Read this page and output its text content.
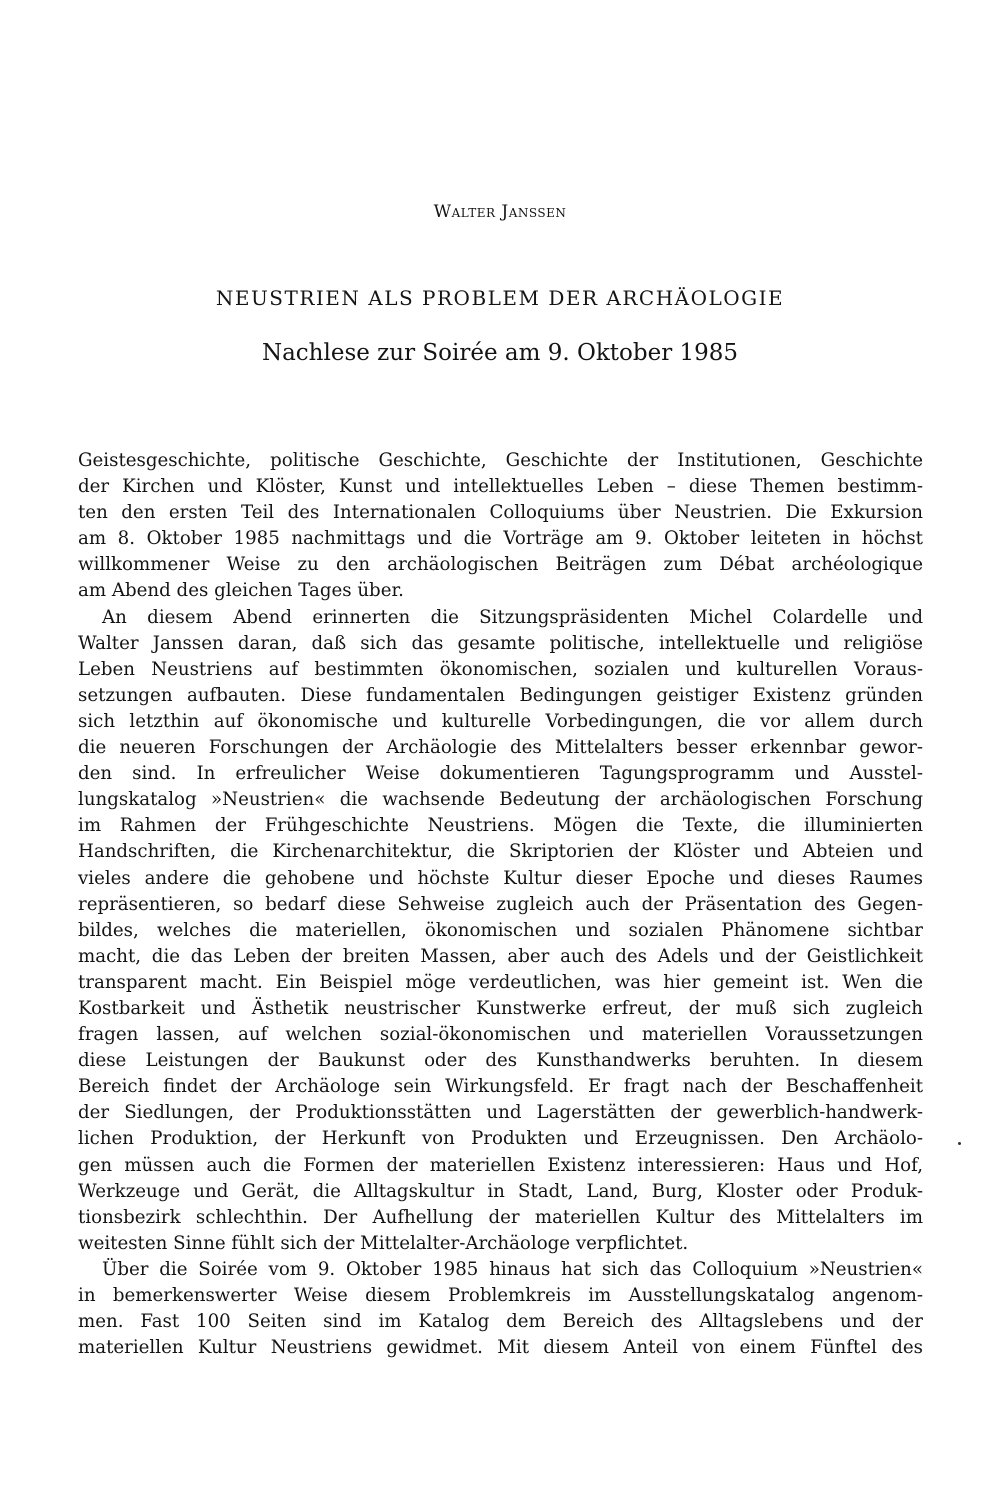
Walter Janssen
NEUSTRIEN ALS PROBLEM DER ARCHÄOLOGIE
Nachlese zur Soirée am 9. Oktober 1985

Geistesgeschichte, politische Geschichte, Geschichte der Institutionen, Geschichte
der Kirchen und Klöster, Kunst und intellektuelles Leben – diese Themen bestimm-
ten den ersten Teil des Internationalen Colloquiums über Neustrien. Die Exkursion
am 8. Oktober 1985 nachmittags und die Vorträge am 9. Oktober leiteten in höchst
willkommener Weise zu den archäologischen Beiträgen zum Débat archéologique
am Abend des gleichen Tages über.

An diesem Abend erinnerten die Sitzungspräsidenten Michel Colardelle und
Walter Janssen daran, daß sich das gesamte politische, intellektuelle und religiöse
Leben Neustriens auf bestimmten ökonomischen, sozialen und kulturellen Voraus-
setzungen aufbauten. Diese fundamentalen Bedingungen geistiger Existenz gründen
sich letzthin auf ökonomische und kulturelle Vorbedingungen, die vor allem durch
die neueren Forschungen der Archäologie des Mittelalters besser erkennbar gewor-
den sind. In erfreulicher Weise dokumentieren Tagungsprogramm und Ausstel-
lungskatalog »Neustrien« die wachsende Bedeutung der archäologischen Forschung
im Rahmen der Frühgeschichte Neustriens. Mögen die Texte, die illuminierten
Handschriften, die Kirchenarchitektur, die Skriptorien der Klöster und Abteien und
vieles andere die gehobene und höchste Kultur dieser Epoche und dieses Raumes
repräsentieren, so bedarf diese Sehweise zugleich auch der Präsentation des Gegen-
bildes, welches die materiellen, ökonomischen und sozialen Phänomene sichtbar
macht, die das Leben der breiten Massen, aber auch des Adels und der Geistlichkeit
transparent macht. Ein Beispiel möge verdeutlichen, was hier gemeint ist. Wen die
Kostbarkeit und Ästhetik neustrischer Kunstwerke erfreut, der muß sich zugleich
fragen lassen, auf welchen sozial-ökonomischen und materiellen Voraussetzungen
diese Leistungen der Baukunst oder des Kunsthandwerks beruhten. In diesem
Bereich findet der Archäologe sein Wirkungsfeld. Er fragt nach der Beschaffenheit
der Siedlungen, der Produktionsstätten und Lagerstätten der gewerblich-handwerk-
lichen Produktion, der Herkunft von Produkten und Erzeugnissen. Den Archäolo-
gen müssen auch die Formen der materiellen Existenz interessieren: Haus und Hof,
Werkzeuge und Gerät, die Alltagskultur in Stadt, Land, Burg, Kloster oder Produk-
tionsbezirk schlechthin. Der Aufhellung der materiellen Kultur des Mittelalters im
weitesten Sinne fühlt sich der Mittelalter-Archäologe verpflichtet.

Über die Soirée vom 9. Oktober 1985 hinaus hat sich das Colloquium »Neustrien«
in bemerkenswerter Weise diesem Problemkreis im Ausstellungskatalog angenom-
men. Fast 100 Seiten sind im Katalog dem Bereich des Alltagslebens und der
materiellen Kultur Neustriens gewidmet. Mit diesem Anteil von einem Fünftel des
